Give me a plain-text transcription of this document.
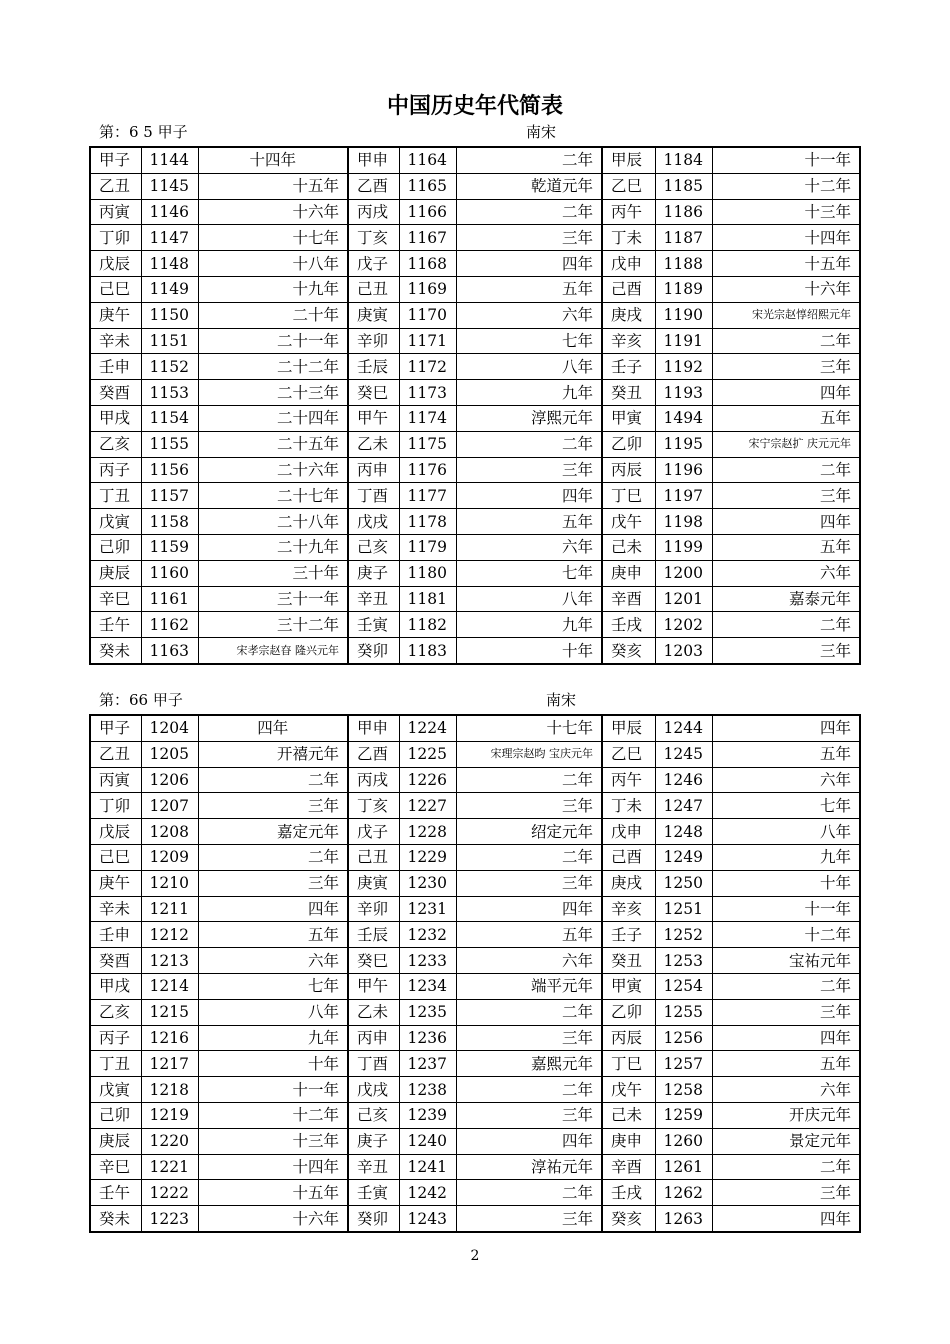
中国历史年代简表
第：6 5 甲子	南宋
甲子	1144	十四年	甲申	1164	二年	甲辰	1184	十一年
乙丑	1145	十五年	乙酉	1165	乾道元年	乙巳	1185	十二年
丙寅	1146	十六年	丙戌	1166	二年	丙午	1186	十三年
丁卯	1147	十七年	丁亥	1167	三年	丁未	1187	十四年
戊辰	1148	十八年	戊子	1168	四年	戊申	1188	十五年
己巳	1149	十九年	己丑	1169	五年	己酉	1189	十六年
庚午	1150	二十年	庚寅	1170	六年	庚戌	1190	宋光宗赵惇绍熙元年
辛未	1151	二十一年	辛卯	1171	七年	辛亥	1191	二年
壬申	1152	二十二年	壬辰	1172	八年	壬子	1192	三年
癸酉	1153	二十三年	癸巳	1173	九年	癸丑	1193	四年
甲戌	1154	二十四年	甲午	1174	淳熙元年	甲寅	1494	五年
乙亥	1155	二十五年	乙未	1175	二年	乙卯	1195	宋宁宗赵扩 庆元元年
丙子	1156	二十六年	丙申	1176	三年	丙辰	1196	二年
丁丑	1157	二十七年	丁酉	1177	四年	丁巳	1197	三年
戊寅	1158	二十八年	戊戌	1178	五年	戊午	1198	四年
己卯	1159	二十九年	己亥	1179	六年	己未	1199	五年
庚辰	1160	三十年	庚子	1180	七年	庚申	1200	六年
辛巳	1161	三十一年	辛丑	1181	八年	辛酉	1201	嘉泰元年
壬午	1162	三十二年	壬寅	1182	九年	壬戌	1202	二年
癸未	1163	宋孝宗赵昚 隆兴元年	癸卯	1183	十年	癸亥	1203	三年
第：66 甲子	南宋
甲子	1204	四年	甲申	1224	十七年	甲辰	1244	四年
乙丑	1205	开禧元年	乙酉	1225	宋理宗赵昀 宝庆元年	乙巳	1245	五年
丙寅	1206	二年	丙戌	1226	二年	丙午	1246	六年
丁卯	1207	三年	丁亥	1227	三年	丁未	1247	七年
戊辰	1208	嘉定元年	戊子	1228	绍定元年	戊申	1248	八年
己巳	1209	二年	己丑	1229	二年	己酉	1249	九年
庚午	1210	三年	庚寅	1230	三年	庚戌	1250	十年
辛未	1211	四年	辛卯	1231	四年	辛亥	1251	十一年
壬申	1212	五年	壬辰	1232	五年	壬子	1252	十二年
癸酉	1213	六年	癸巳	1233	六年	癸丑	1253	宝祐元年
甲戌	1214	七年	甲午	1234	端平元年	甲寅	1254	二年
乙亥	1215	八年	乙未	1235	二年	乙卯	1255	三年
丙子	1216	九年	丙申	1236	三年	丙辰	1256	四年
丁丑	1217	十年	丁酉	1237	嘉熙元年	丁巳	1257	五年
戊寅	1218	十一年	戊戌	1238	二年	戊午	1258	六年
己卯	1219	十二年	己亥	1239	三年	己未	1259	开庆元年
庚辰	1220	十三年	庚子	1240	四年	庚申	1260	景定元年
辛巳	1221	十四年	辛丑	1241	淳祐元年	辛酉	1261	二年
壬午	1222	十五年	壬寅	1242	二年	壬戌	1262	三年
癸未	1223	十六年	癸卯	1243	三年	癸亥	1263	四年
2
